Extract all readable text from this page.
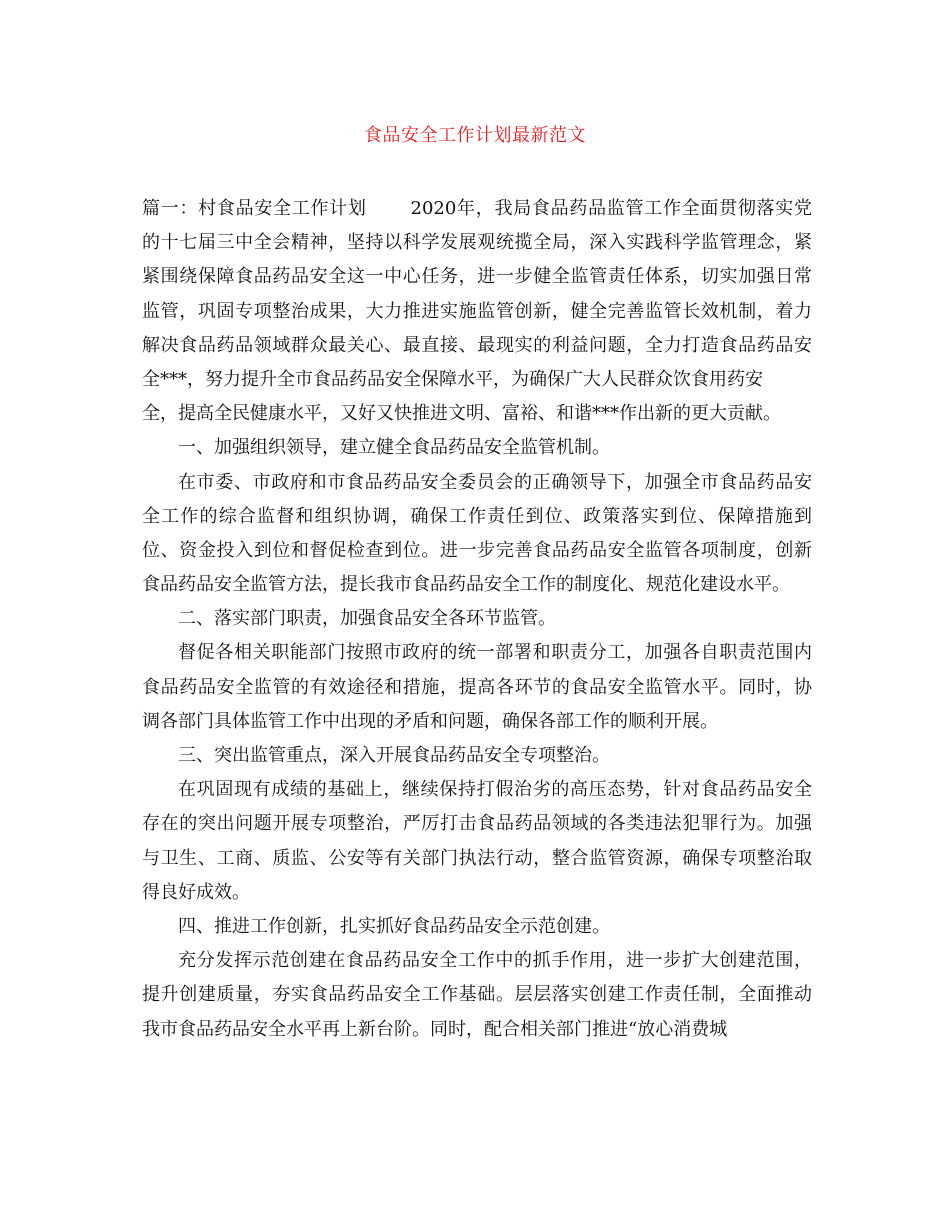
食品安全工作计划最新范文
篇一：村食品安全工作计划　　 2020年，我局食品药品监管工作全面贯彻落实党
的十七届三中全会精神，坚持以科学发展观统揽全局，深入实践科学监管理念，紧
紧围绕保障食品药品安全这一中心任务，进一步健全监管责任体系，切实加强日常
监管，巩固专项整治成果，大力推进实施监管创新，健全完善监管长效机制，着力
解决食品药品领域群众最关心、最直接、最现实的利益问题，全力打造食品药品安
全***，努力提升全市食品药品安全保障水平，为确保广大人民群众饮食用药安
全，提高全民健康水平，又好又快推进文明、富裕、和谐***作出新的更大贡献。
一、加强组织领导，建立健全食品药品安全监管机制。
在市委、市政府和市食品药品安全委员会的正确领导下，加强全市食品药品安
全工作的综合监督和组织协调，确保工作责任到位、政策落实到位、保障措施到
位、资金投入到位和督促检查到位。进一步完善食品药品安全监管各项制度，创新
食品药品安全监管方法，提长我市食品药品安全工作的制度化、规范化建设水平。
二、落实部门职责，加强食品安全各环节监管。
督促各相关职能部门按照市政府的统一部署和职责分工，加强各自职责范围内
食品药品安全监管的有效途径和措施，提高各环节的食品安全监管水平。同时，协
调各部门具体监管工作中出现的矛盾和问题，确保各部工作的顺利开展。
三、突出监管重点，深入开展食品药品安全专项整治。
在巩固现有成绩的基础上，继续保持打假治劣的高压态势，针对食品药品安全
存在的突出问题开展专项整治，严厉打击食品药品领域的各类违法犯罪行为。加强
与卫生、工商、质监、公安等有关部门执法行动，整合监管资源，确保专项整治取
得良好成效。
四、推进工作创新，扎实抓好食品药品安全示范创建。
充分发挥示范创建在食品药品安全工作中的抓手作用，进一步扩大创建范围，
提升创建质量，夯实食品药品安全工作基础。层层落实创建工作责任制，全面推动
我市食品药品安全水平再上新台阶。同时，配合相关部门推进“放心消费城
